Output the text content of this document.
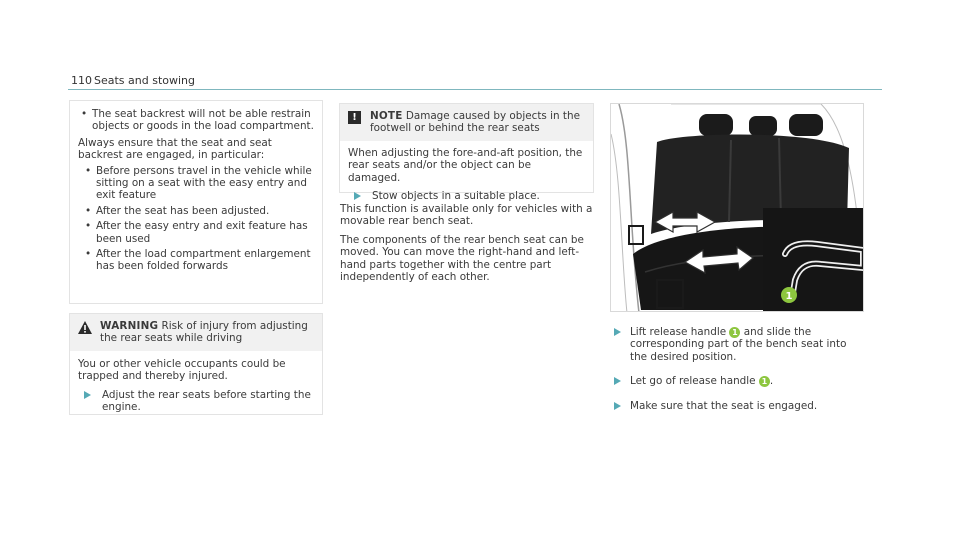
110 Seats and stowing
• The seat backrest will not be able restrain objects or goods in the load compartment.

Always ensure that the seat and seat backrest are engaged, in particular:

• Before persons travel in the vehicle while sitting on a seat with the easy entry and exit feature
• After the seat has been adjusted.
• After the easy entry and exit feature has been used
• After the load compartment enlargement has been folded forwards
WARNING Risk of injury from adjusting the rear seats while driving

You or other vehicle occupants could be trapped and thereby injured.

Adjust the rear seats before starting the engine.
!	NOTE Damage caused by objects in the footwell or behind the rear seats

When adjusting the fore-and-aft position, the rear seats and/or the object can be damaged.

Stow objects in a suitable place.

This function is available only for vehicles with a movable rear bench seat.

The components of the rear bench seat can be moved. You can move the right-hand and left-hand parts together with the centre part independently of each other.

1
Lift release handle 1 and slide the corresponding part of the bench seat into the desired position.
Let go of release handle 1 .
Make sure that the seat is engaged.
